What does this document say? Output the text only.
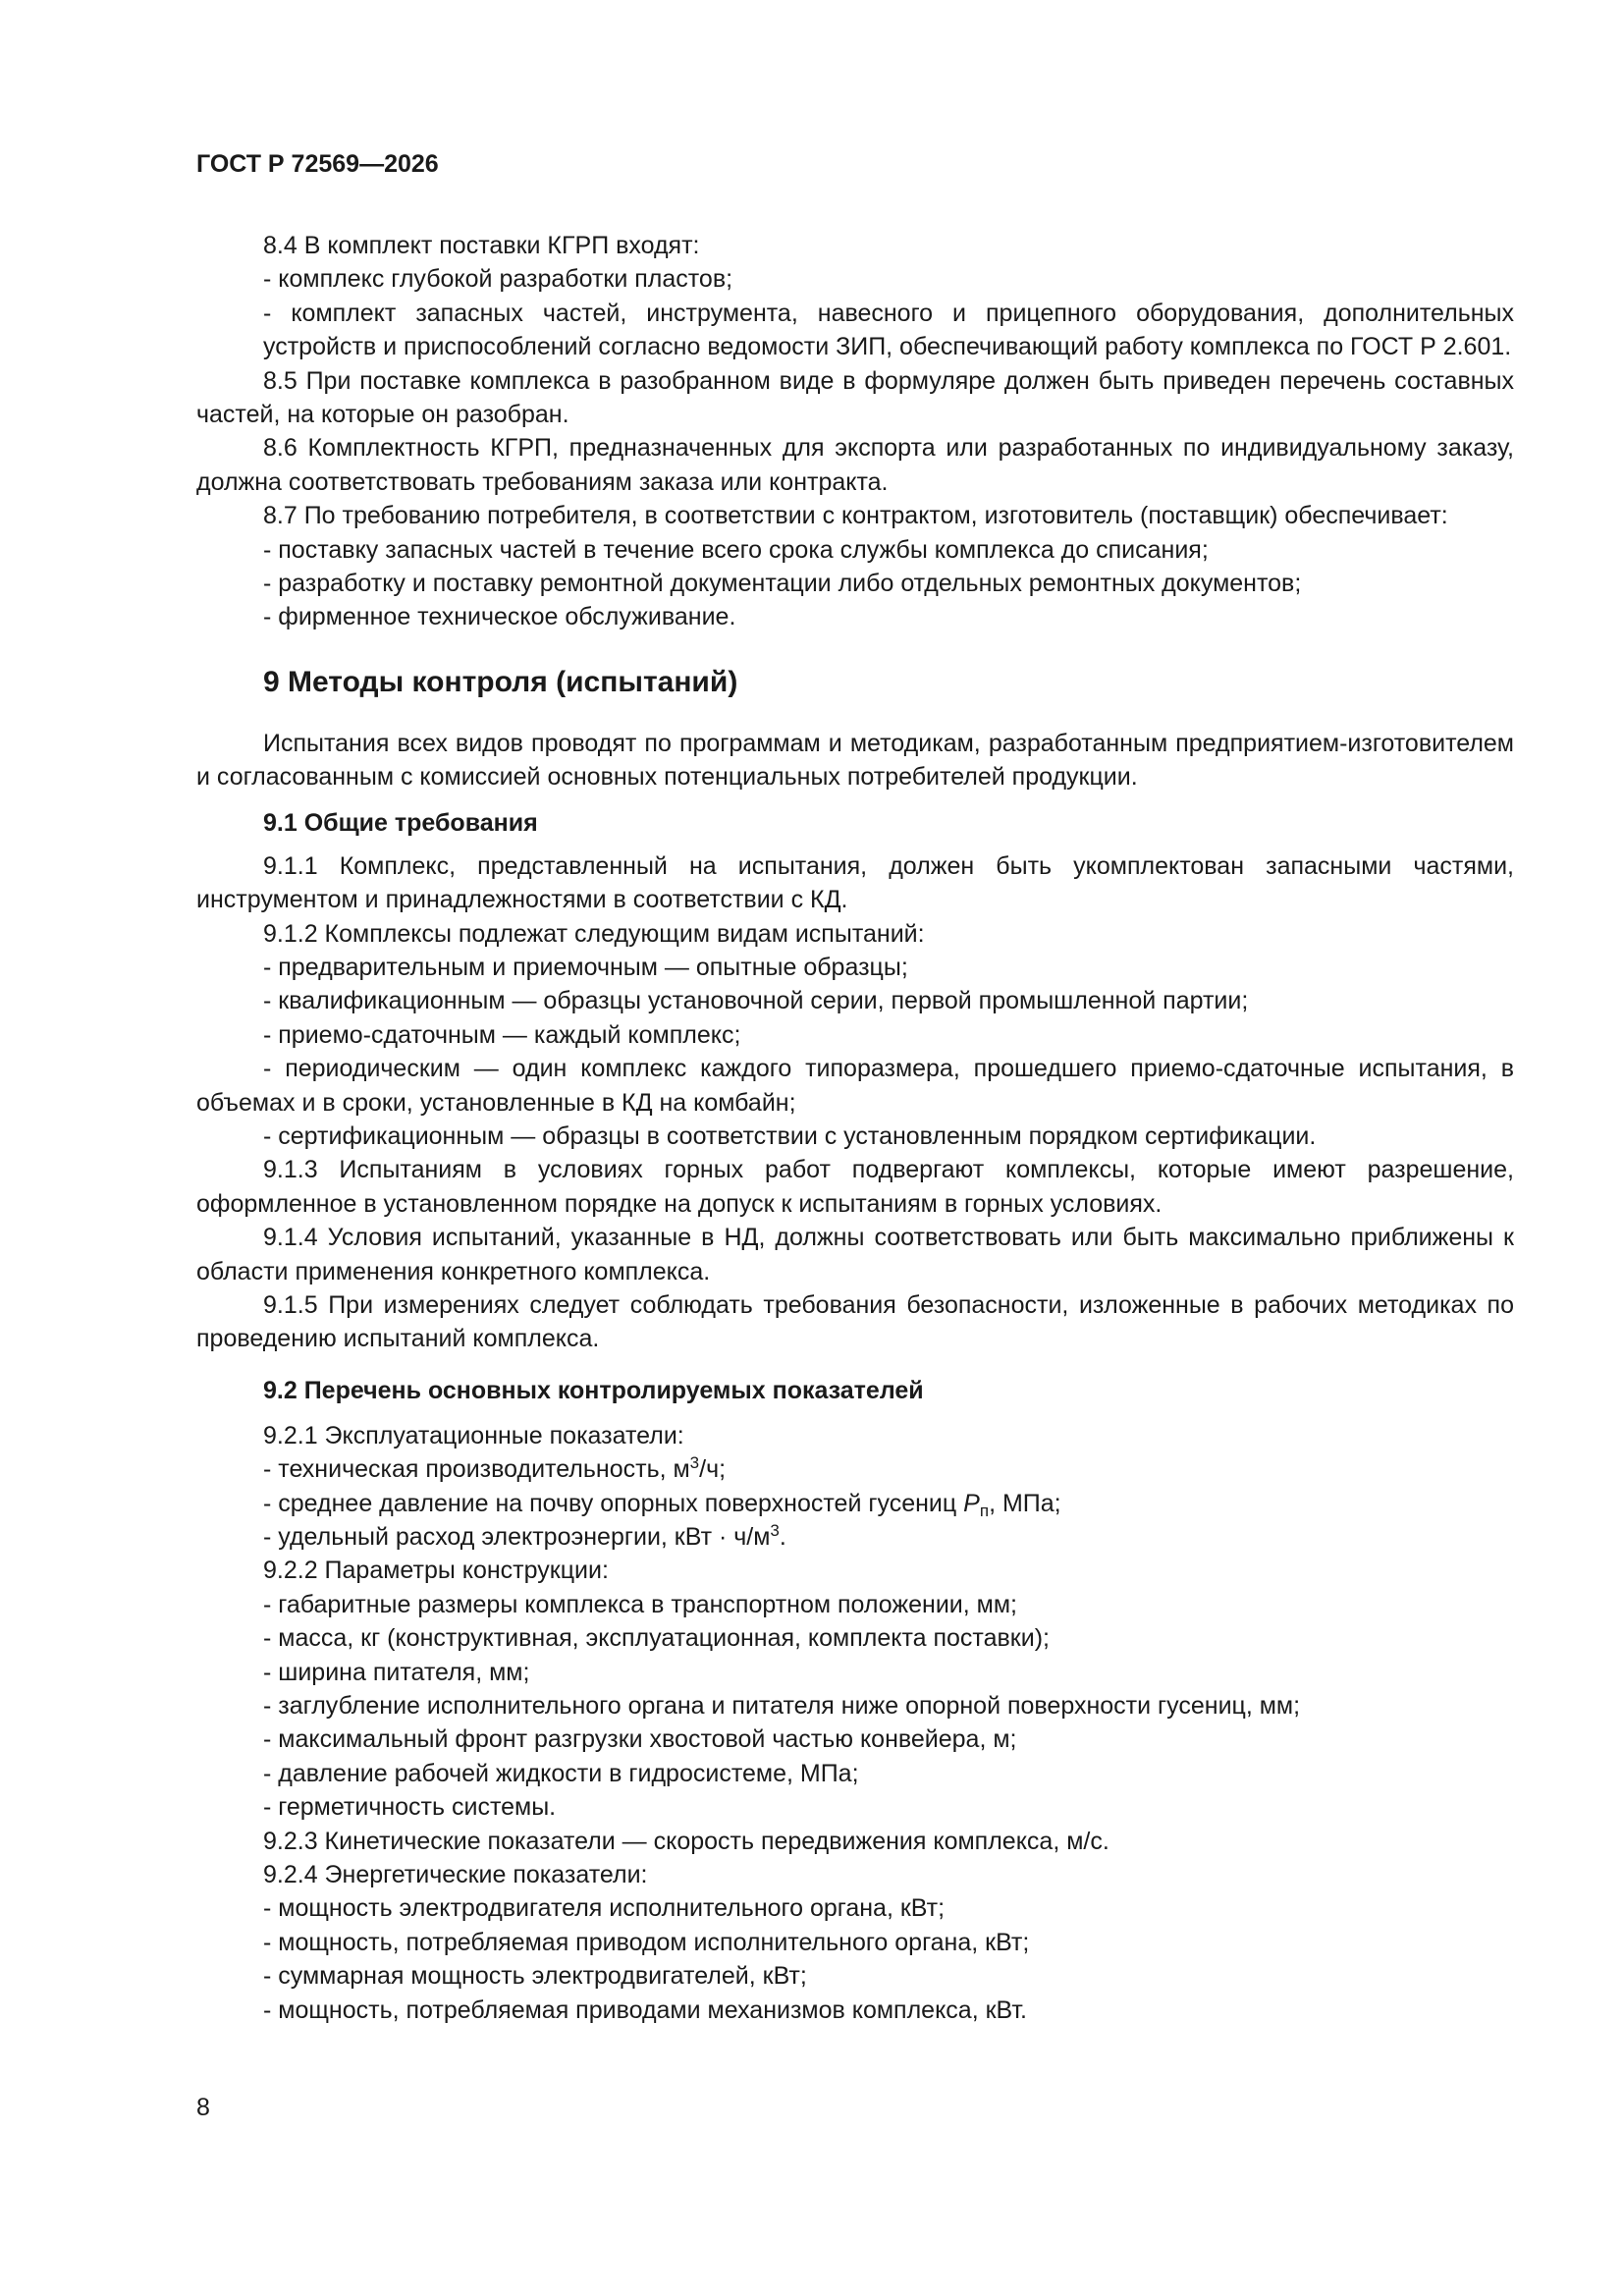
ГОСТ Р 72569—2026

8.4 В комплект поставки КГРП входят:

- комплекс глубокой разработки пластов;

- комплект запасных частей, инструмента, навесного и прицепного оборудования, дополнительных устройств и приспособлений согласно ведомости ЗИП, обеспечивающий работу комплекса по ГОСТ Р 2.601.

8.5 При поставке комплекса в разобранном виде в формуляре должен быть приведен перечень составных частей, на которые он разобран.

8.6 Комплектность КГРП, предназначенных для экспорта или разработанных по индивидуальному заказу, должна соответствовать требованиям заказа или контракта.

8.7 По требованию потребителя, в соответствии с контрактом, изготовитель (поставщик) обеспечивает:

- поставку запасных частей в течение всего срока службы комплекса до списания;

- разработку и поставку ремонтной документации либо отдельных ремонтных документов;

- фирменное техническое обслуживание.

9 Методы контроля (испытаний)

Испытания всех видов проводят по программам и методикам, разработанным предприятием-изготовителем и согласованным с комиссией основных потенциальных потребителей продукции.

9.1 Общие требования

9.1.1 Комплекс, представленный на испытания, должен быть укомплектован запасными частями, инструментом и принадлежностями в соответствии с КД.

9.1.2 Комплексы подлежат следующим видам испытаний:

- предварительным и приемочным — опытные образцы;

- квалификационным — образцы установочной серии, первой промышленной партии;

- приемо-сдаточным — каждый комплекс;

- периодическим — один комплекс каждого типоразмера, прошедшего приемо-сдаточные испытания, в объемах и в сроки, установленные в КД на комбайн;

- сертификационным — образцы в соответствии с установленным порядком сертификации.

9.1.3 Испытаниям в условиях горных работ подвергают комплексы, которые имеют разрешение, оформленное в установленном порядке на допуск к испытаниям в горных условиях.

9.1.4 Условия испытаний, указанные в НД, должны соответствовать или быть максимально приближены к области применения конкретного комплекса.

9.1.5 При измерениях следует соблюдать требования безопасности, изложенные в рабочих методиках по проведению испытаний комплекса.

9.2 Перечень основных контролируемых показателей

9.2.1 Эксплуатационные показатели:

- техническая производительность, $м^3/ч$;

- среднее давление на почву опорных поверхностей гусениц $P_п$, МПа;

- удельный расход электроэнергии, кВт · $ч/м^3$.

9.2.2 Параметры конструкции:

- габаритные размеры комплекса в транспортном положении, мм;

- масса, кг (конструктивная, эксплуатационная, комплекта поставки);

- ширина питателя, мм;

- заглубление исполнительного органа и питателя ниже опорной поверхности гусениц, мм;

- максимальный фронт разгрузки хвостовой частью конвейера, м;

- давление рабочей жидкости в гидросистеме, МПа;

- герметичность системы.

9.2.3 Кинетические показатели — скорость передвижения комплекса, м/с.

9.2.4 Энергетические показатели:

- мощность электродвигателя исполнительного органа, кВт;

- мощность, потребляемая приводом исполнительного органа, кВт;

- суммарная мощность электродвигателей, кВт;

- мощность, потребляемая приводами механизмов комплекса, кВт.

8
